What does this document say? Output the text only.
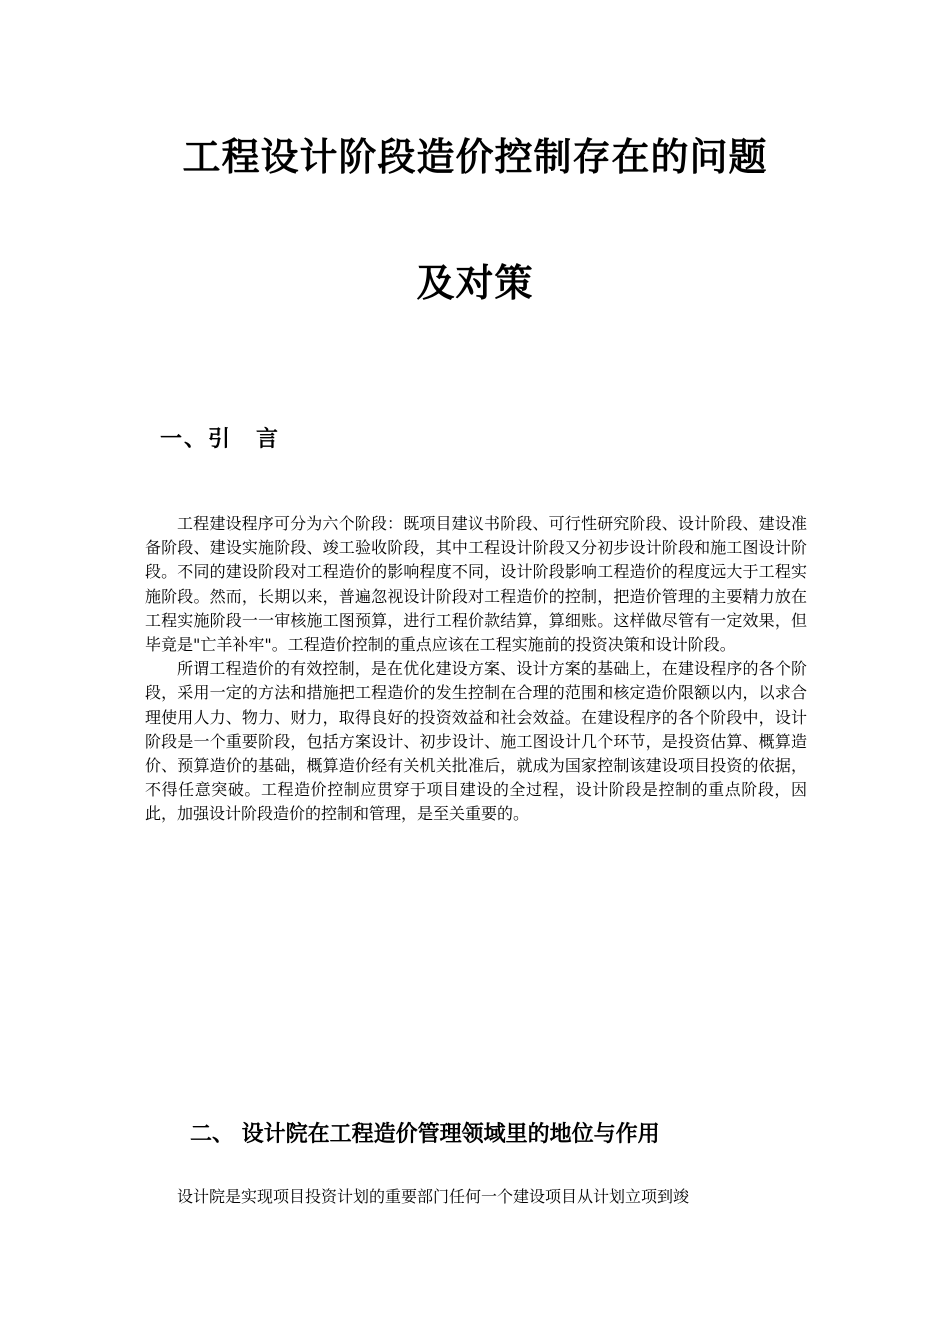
工程设计阶段造价控制存在的问题
及对策
一、引　言

工程建设程序可分为六个阶段：既项目建议书阶段、可行性研究阶段、设计阶段、建设准备阶段、建设实施阶段、竣工验收阶段，其中工程设计阶段又分初步设计阶段和施工图设计阶段。不同的建设阶段对工程造价的影响程度不同，设计阶段影响工程造价的程度远大于工程实施阶段。然而，长期以来，普遍忽视设计阶段对工程造价的控制，把造价管理的主要精力放在工程实施阶段一一审核施工图预算，进行工程价款结算，算细账。这样做尽管有一定效果，但毕竟是"亡羊补牢"。工程造价控制的重点应该在工程实施前的投资决策和设计阶段。

所谓工程造价的有效控制，是在优化建设方案、设计方案的基础上，在建设程序的各个阶段，采用一定的方法和措施把工程造价的发生控制在合理的范围和核定造价限额以内，以求合理使用人力、物力、财力，取得良好的投资效益和社会效益。在建设程序的各个阶段中，设计阶段是一个重要阶段，包括方案设计、初步设计、施工图设计几个环节，是投资估算、概算造价、预算造价的基础，概算造价经有关机关批准后，就成为国家控制该建设项目投资的依据，不得任意突破。工程造价控制应贯穿于项目建设的全过程，设计阶段是控制的重点阶段，因此，加强设计阶段造价的控制和管理，是至关重要的。

二、 设计院在工程造价管理领域里的地位与作用

设计院是实现项目投资计划的重要部门任何一个建设项目从计划立项到竣
